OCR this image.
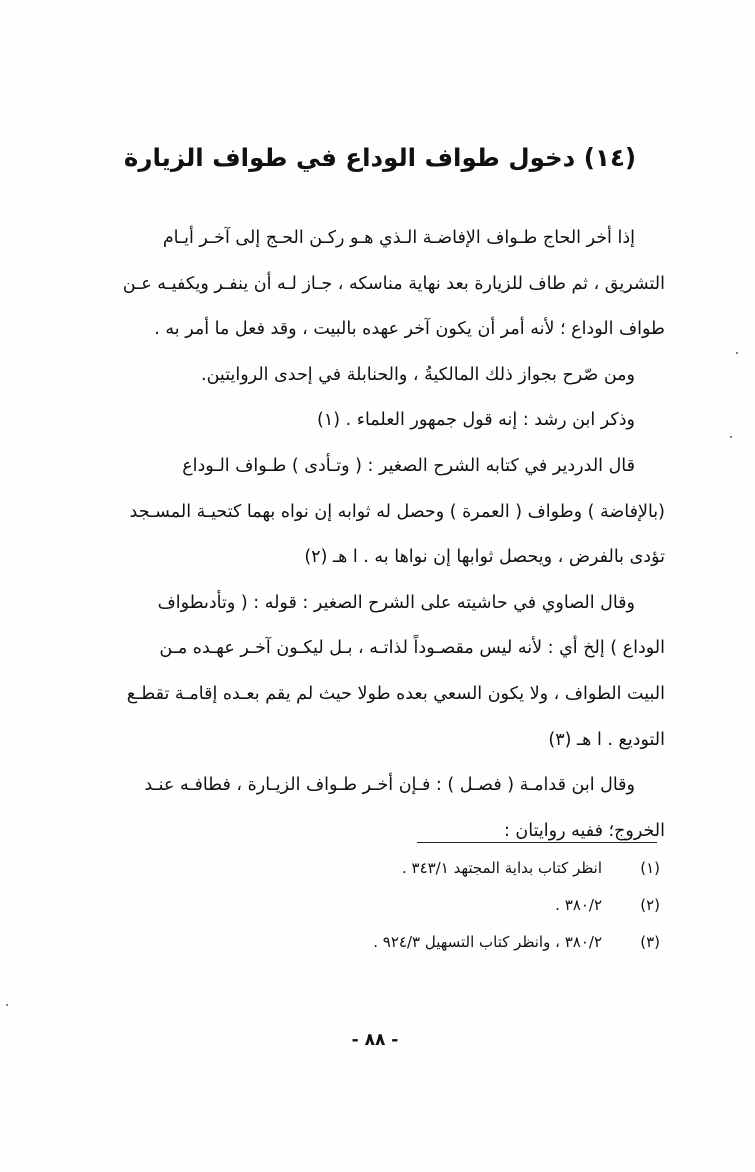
(١٤) دخول طواف الوداع في طواف الزيارة

إذا أخر الحاج طـواف الإفاضـة الـذي هـو ركـن الحـج إلى آخـر أيـام

التشريق ، ثم طاف للزيارة بعد نهاية مناسكه ، جـاز لـه أن ينفـر ويكفيـه عـن

طواف الوداع ؛ لأنه أمر أن يكون آخر عهده بالبيت ، وقد فعل ما أمر به .

ومن صّرح بجواز ذلك المالكيةُ ، والحنابلة في إحدى الروايتين.

وذكر ابن رشد : إنه قول جمهور العلماء . (١)

قال الدردير في كتابه الشرح الصغير : ( وتـأدى ) طـواف الـوداع

(بالإفاضة ) وطواف ( العمرة ) وحصل له ثوابه إن نواه بهما كتحيـة المسـجد

تؤدى بالفرض ، ويحصل ثوابها إن نواها به . ا هـ (٢)

وقال الصاوي في حاشيته على الشرح الصغير : قوله : ( وتأدىطواف

الوداع ) إلخ أي : لأنه ليس مقصـوداً لذاتـه ، بـل ليكـون آخـر عهـده مـن

البيت الطواف ، ولا يكون السعي بعده طولا حيث لم يقم بعـده إقامـة تقطـع

التوديع . ا هـ (٣)

وقال ابن قدامـة ( فصـل ) : فـإن أخـر طـواف الزيـارة ، فطافـه عنـد

الخروج؛ ففيه روايتان :

(١)
انظر كتاب بداية المجتهد ٣٤٣/١ .
(٢)
٣٨٠/٢ .
(٣)
٣٨٠/٢ ، وانظر كتاب التسهيل ٩٢٤/٣ .
- ٨٨ -
